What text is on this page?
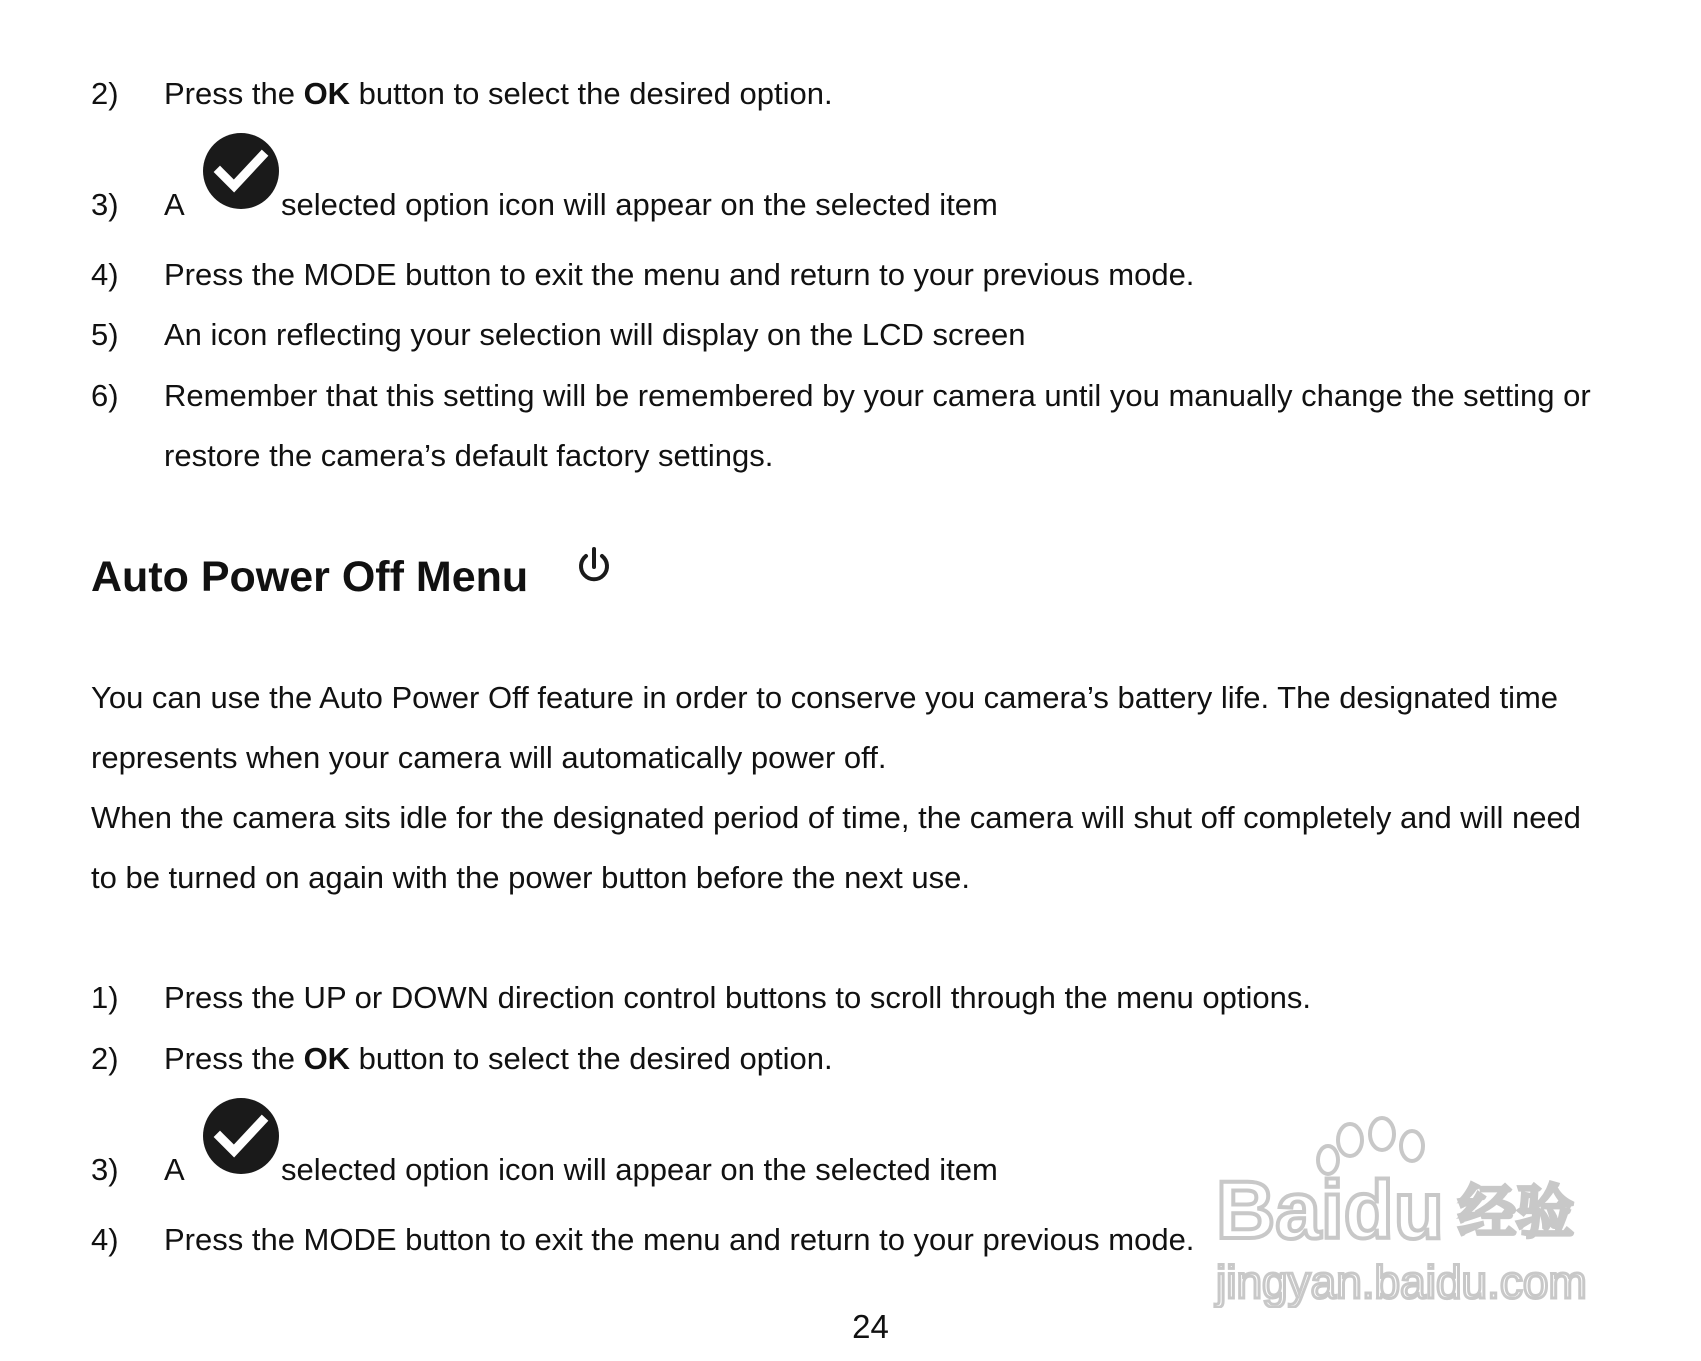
2) Press the OK button to select the desired option.
3) A	selected option icon will appear on the selected item
4) Press the MODE button to exit the menu and return to your previous mode.
5) An icon reflecting your selection will display on the LCD screen
6) Remember that this setting will be remembered by your camera until you manually change the setting or
restore the camera’s default factory settings.
Auto Power Off Menu
You can use the Auto Power Off feature in order to conserve you camera’s battery life. The designated time
represents when your camera will automatically power off.
When the camera sits idle for the designated period of time, the camera will shut off completely and will need
to be turned on again with the power button before the next use.
1) Press the UP or DOWN direction control buttons to scroll through the menu options.
2) Press the OK button to select the desired option.
3) A	selected option icon will appear on the selected item
4) Press the MODE button to exit the menu and return to your previous mode. Baidu 经验
jingyan.baidu.com
24
